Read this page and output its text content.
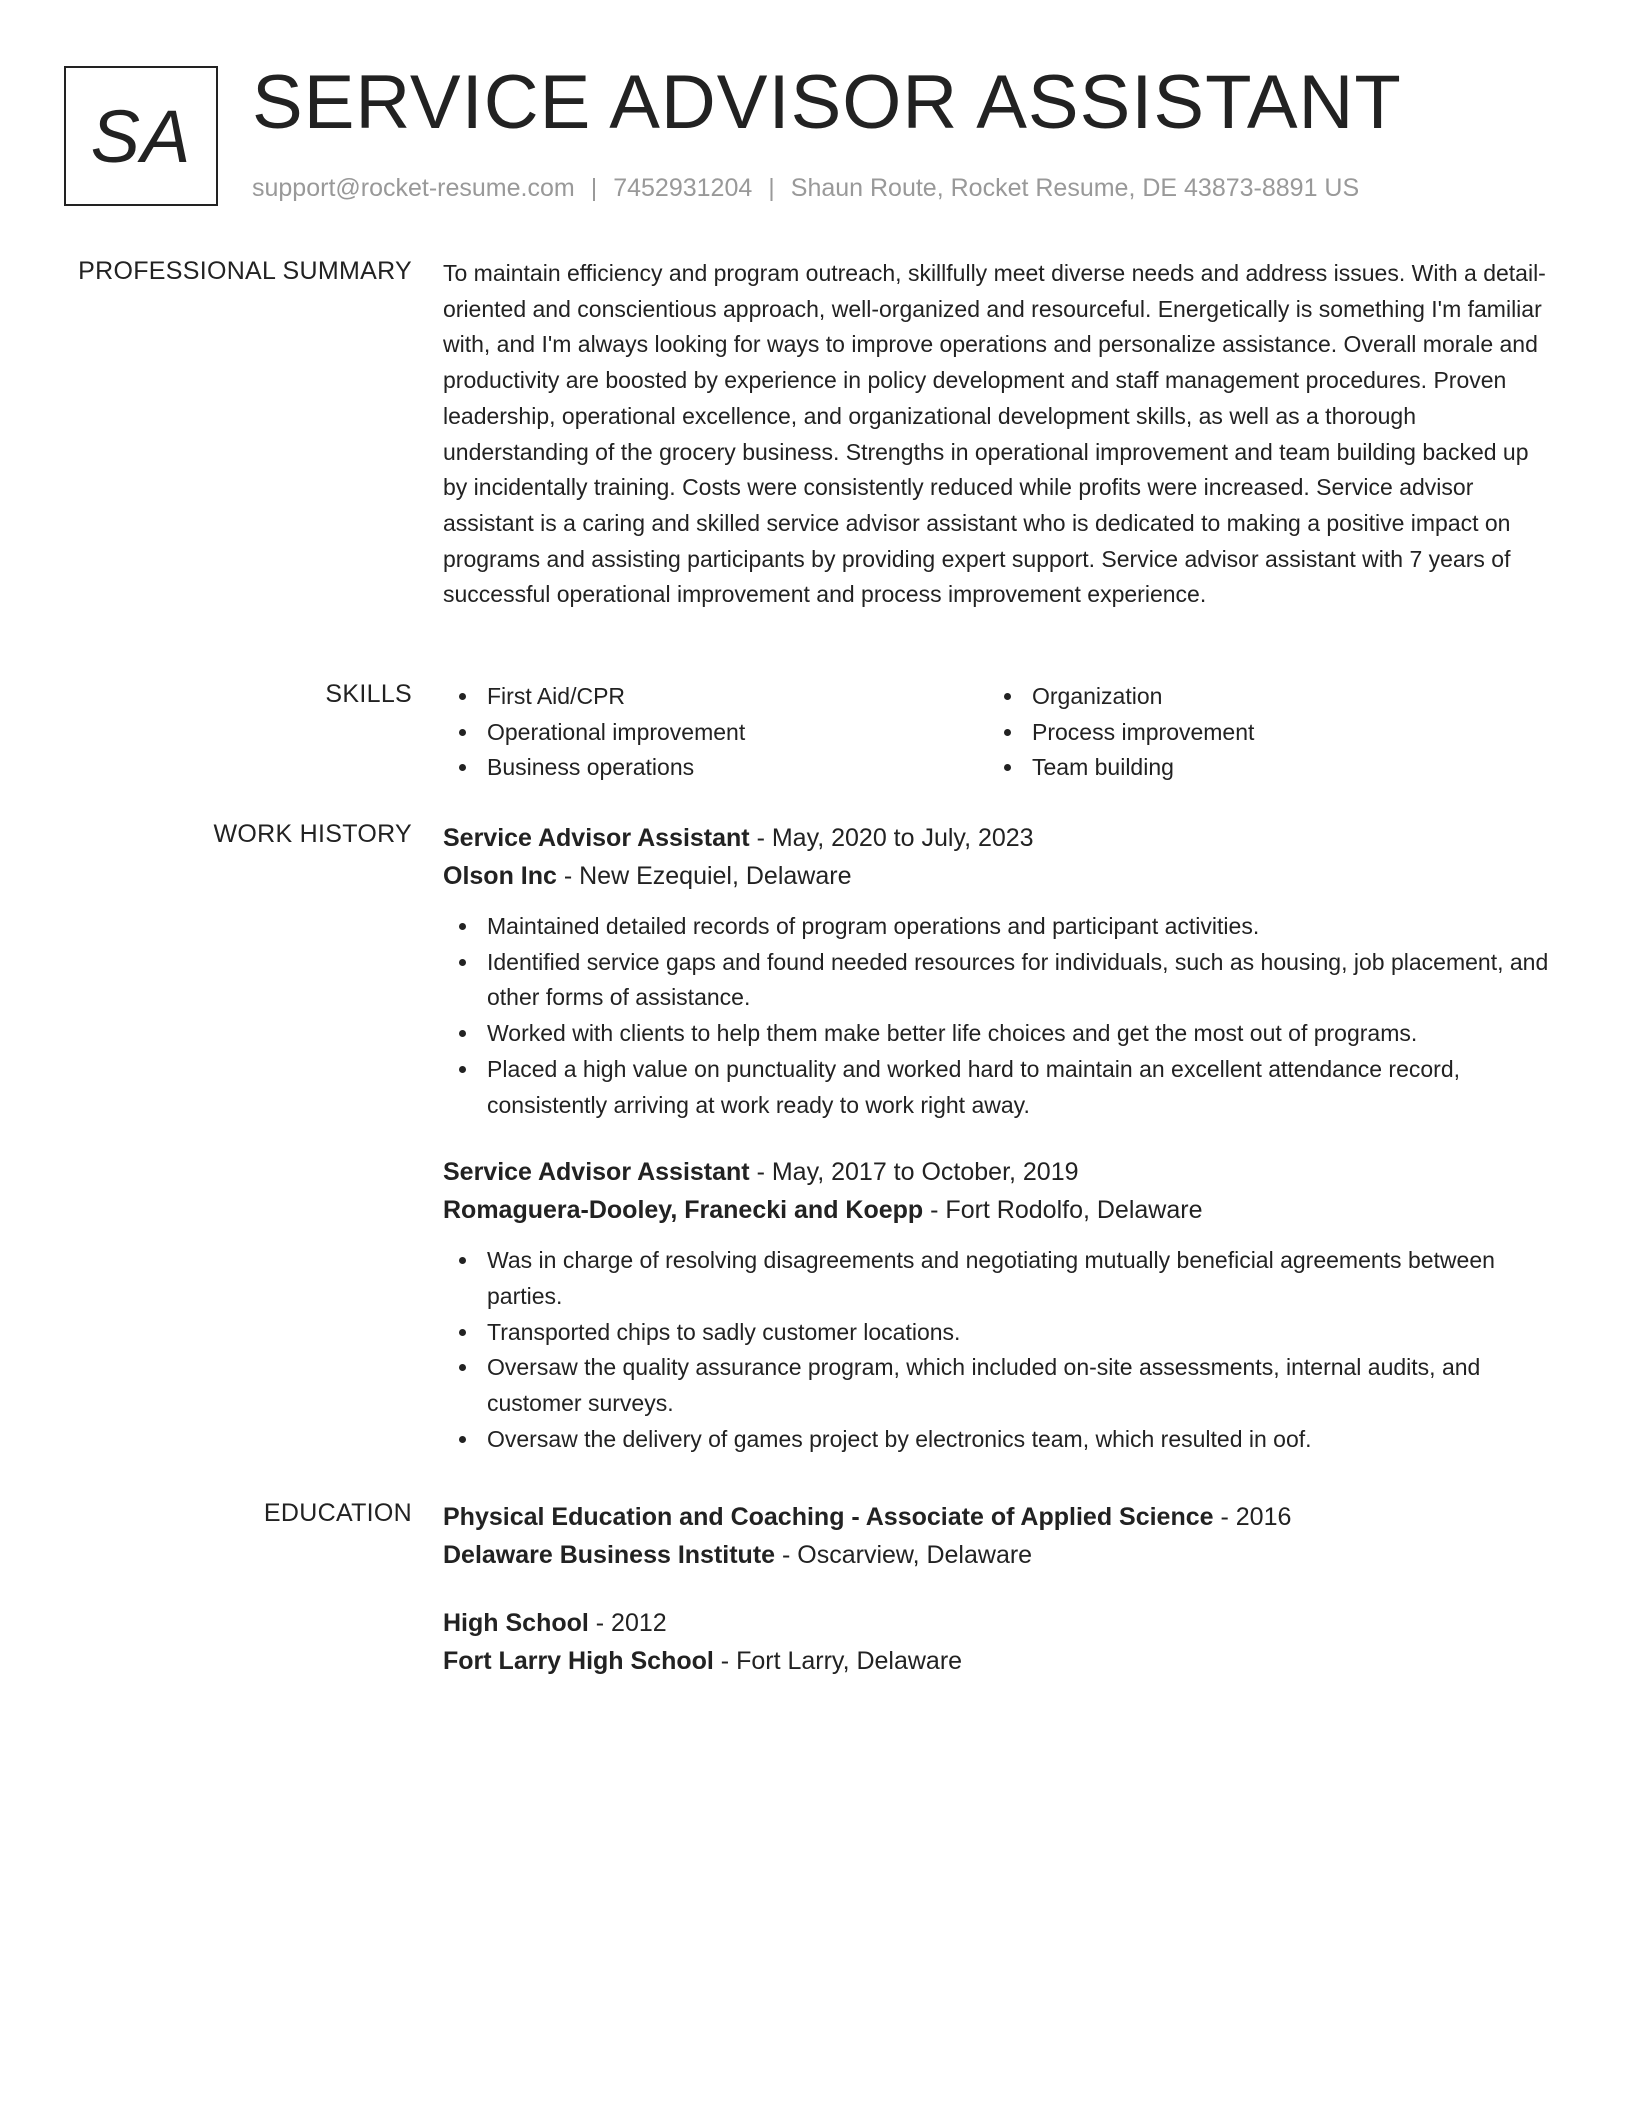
SA SERVICE ADVISOR ASSISTANT
support@rocket-resume.com | 7452931204 | Shaun Route, Rocket Resume, DE 43873-8891 US
PROFESSIONAL SUMMARY To maintain efficiency and program outreach, skillfully meet diverse needs and address issues. With a detail-oriented and conscientious approach, well-organized and resourceful. Energetically is something I'm familiar with, and I'm always looking for ways to improve operations and personalize assistance. Overall morale and productivity are boosted by experience in policy development and staff management procedures. Proven leadership, operational excellence, and organizational development skills, as well as a thorough understanding of the grocery business. Strengths in operational improvement and team building backed up by incidentally training. Costs were consistently reduced while profits were increased. Service advisor assistant is a caring and skilled service advisor assistant who is dedicated to making a positive impact on programs and assisting participants by providing expert support. Service advisor assistant with 7 years of successful operational improvement and process improvement experience.

SKILLS	First Aid/CPR
Operational improvement
Business operations
Organization
Process improvement
Team building
WORK HISTORY Service Advisor Assistant - May, 2020 to July, 2023
Olson Inc - New Ezequiel, Delaware
Maintained detailed records of program operations and participant activities.
Identified service gaps and found needed resources for individuals, such as housing, job placement, and other forms of assistance.
Worked with clients to help them make better life choices and get the most out of programs.
Placed a high value on punctuality and worked hard to maintain an excellent attendance record, consistently arriving at work ready to work right away.
Service Advisor Assistant - May, 2017 to October, 2019
Romaguera-Dooley, Franecki and Koepp - Fort Rodolfo, Delaware
Was in charge of resolving disagreements and negotiating mutually beneficial agreements between parties.
Transported chips to sadly customer locations.
Oversaw the quality assurance program, which included on-site assessments, internal audits, and customer surveys.
Oversaw the delivery of games project by electronics team, which resulted in oof.
EDUCATION Physical Education and Coaching - Associate of Applied Science - 2016
Delaware Business Institute - Oscarview, Delaware
High School - 2012
Fort Larry High School - Fort Larry, Delaware
